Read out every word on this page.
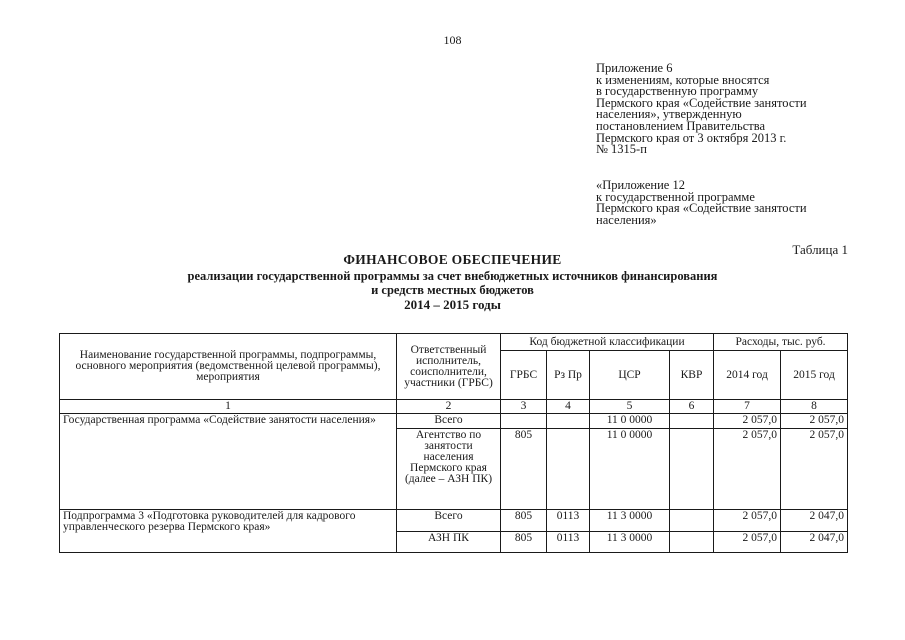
108
Приложение 6
к изменениям, которые вносятся
в государственную программу
Пермского края «Содействие занятости
населения», утвержденную
постановлением Правительства
Пермского края от 3 октября 2013 г.
№ 1315-п
«Приложение 12
к государственной программе
Пермского края «Содействие занятости
населения»
Таблица 1
ФИНАНСОВОЕ ОБЕСПЕЧЕНИЕ
реализации государственной программы за счет внебюджетных источников финансирования
и средств местных бюджетов
2014 – 2015 годы
Наименование государственной программы, подпрограммы, основного мероприятия (ведомственной целевой программы), мероприятия	Ответственный исполнитель, соисполнители, участники (ГРБС)	Код бюджетной классификации				Расходы, тыс. руб.	
		ГРБС	Рз Пр	ЦСР	КВР	2014 год	2015 год
1	2	3	4	5	6	7	8
Государственная программа «Содействие занятости населения»	Всего			11 0 0000		2 057,0	2 057,0
	Агентство по занятости населения Пермского края (далее – АЗН ПК)	805		11 0 0000		2 057,0	2 057,0
Подпрограмма 3 «Подготовка руководителей для кадрового управленческого резерва Пермского края»	Всего	805	0113	11 3 0000		2 057,0	2 047,0
	АЗН ПК	805	0113	11 3 0000		2 057,0	2 047,0
